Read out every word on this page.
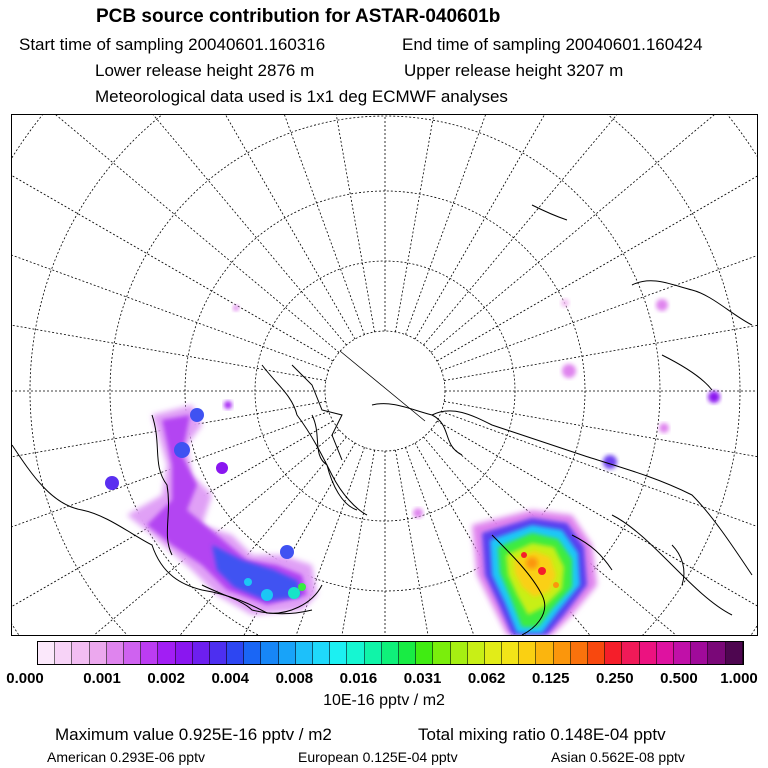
PCB source contribution for ASTAR-040601b
Start time of sampling 20040601.160316	End time of sampling 20040601.160424
Lower release height 2876 m	Upper release height 3207 m
Meteorological data used is 1x1 deg ECMWF analyses
0.000	0.001 0.002 0.004 0.008 0.016 0.031 0.062 0.125 0.250 0.500 1.000
10E-16 pptv / m2
Maximum value 0.925E-16 pptv / m2	Total mixing ratio 0.148E-04 pptv
American 0.293E-06 pptv	European 0.125E-04 pptv	Asian 0.562E-08 pptv
